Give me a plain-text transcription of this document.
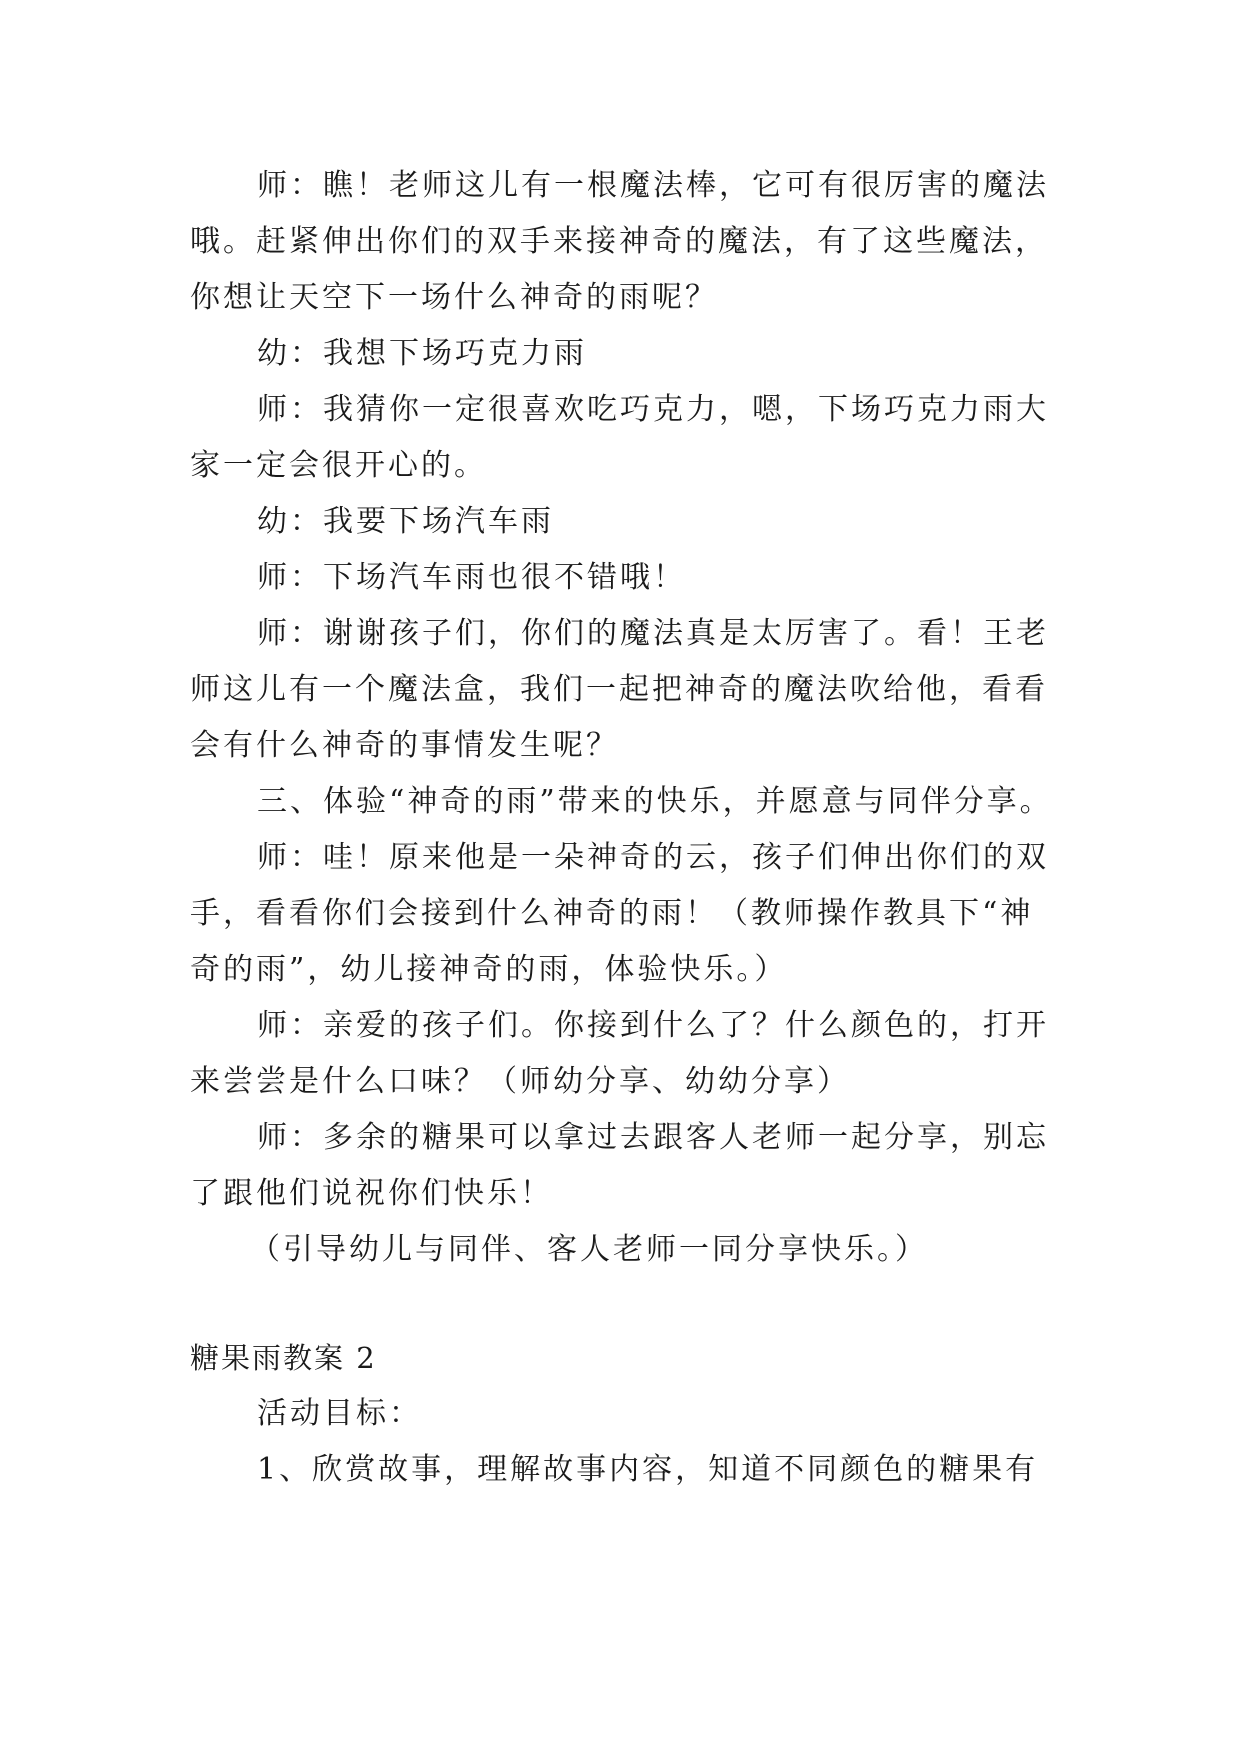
师：瞧！老师这儿有一根魔法棒，它可有很厉害的魔法
哦。赶紧伸出你们的双手来接神奇的魔法，有了这些魔法，
你想让天空下一场什么神奇的雨呢？
幼：我想下场巧克力雨
师：我猜你一定很喜欢吃巧克力，嗯，下场巧克力雨大
家一定会很开心的。
幼：我要下场汽车雨
师：下场汽车雨也很不错哦！
师：谢谢孩子们，你们的魔法真是太厉害了。看！王老
师这儿有一个魔法盒，我们一起把神奇的魔法吹给他，看看
会有什么神奇的事情发生呢？
三、体验“神奇的雨”带来的快乐，并愿意与同伴分享。
师：哇！原来他是一朵神奇的云，孩子们伸出你们的双
手，看看你们会接到什么神奇的雨！（教师操作教具下“神
奇的雨”，幼儿接神奇的雨，体验快乐。）
师：亲爱的孩子们。你接到什么了？什么颜色的，打开
来尝尝是什么口味？（师幼分享、幼幼分享）
师：多余的糖果可以拿过去跟客人老师一起分享，别忘
了跟他们说祝你们快乐！
（引导幼儿与同伴、客人老师一同分享快乐。）
糖果雨教案 2
活动目标：
1、欣赏故事，理解故事内容，知道不同颜色的糖果有
